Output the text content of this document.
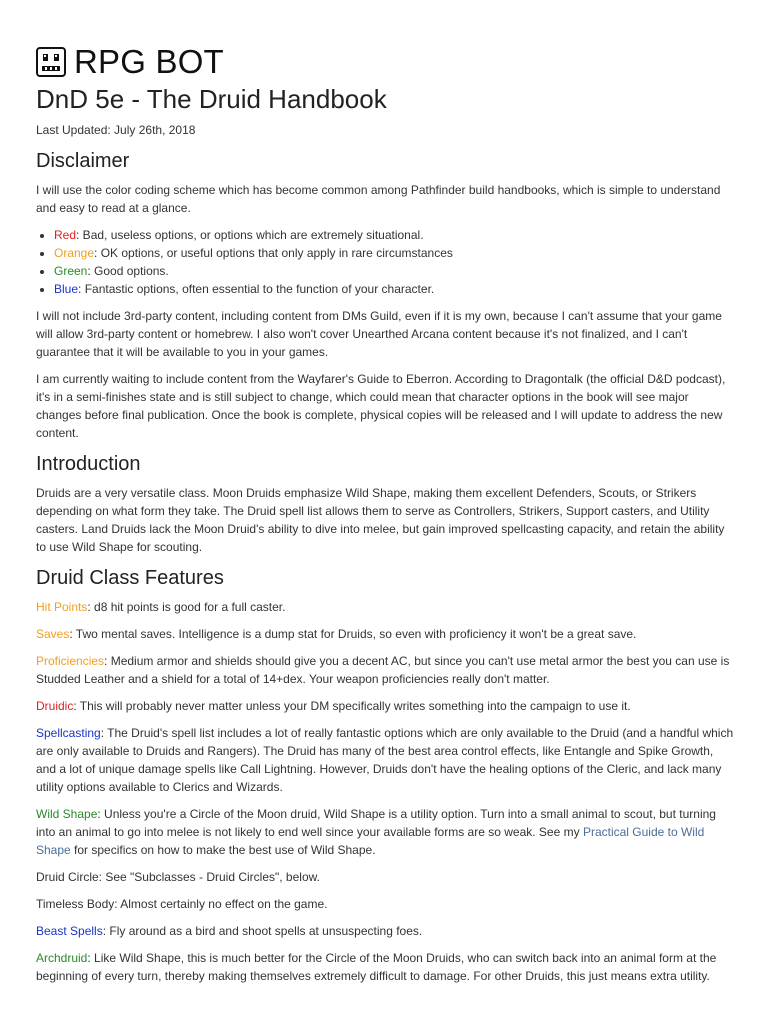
RPG BOT
DnD 5e - The Druid Handbook
Last Updated: July 26th, 2018
Disclaimer

I will use the color coding scheme which has become common among Pathfinder build handbooks, which is simple to understand and easy to read at a glance.

• Red: Bad, useless options, or options which are extremely situational.
• Orange: OK options, or useful options that only apply in rare circumstances
• Green: Good options.
• Blue: Fantastic options, often essential to the function of your character.

I will not include 3rd-party content, including content from DMs Guild, even if it is my own, because I can't assume that your game will allow 3rd-party content or homebrew. I also won't cover Unearthed Arcana content because it's not finalized, and I can't guarantee that it will be available to you in your games.

I am currently waiting to include content from the Wayfarer's Guide to Eberron. According to Dragontalk (the official D&D podcast), it's in a semi-finishes state and is still subject to change, which could mean that character options in the book will see major changes before final publication. Once the book is complete, physical copies will be released and I will update to address the new content.

Introduction

Druids are a very versatile class. Moon Druids emphasize Wild Shape, making them excellent Defenders, Scouts, or Strikers depending on what form they take. The Druid spell list allows them to serve as Controllers, Strikers, Support casters, and Utility casters. Land Druids lack the Moon Druid's ability to dive into melee, but gain improved spellcasting capacity, and retain the ability to use Wild Shape for scouting.

Druid Class Features

Hit Points: d8 hit points is good for a full caster.

Saves: Two mental saves. Intelligence is a dump stat for Druids, so even with proficiency it won't be a great save.

Proficiencies: Medium armor and shields should give you a decent AC, but since you can't use metal armor the best you can use is Studded Leather and a shield for a total of 14+dex. Your weapon proficiencies really don't matter.

Druidic: This will probably never matter unless your DM specifically writes something into the campaign to use it.

Spellcasting: The Druid's spell list includes a lot of really fantastic options which are only available to the Druid (and a handful which are only available to Druids and Rangers). The Druid has many of the best area control effects, like Entangle and Spike Growth, and a lot of unique damage spells like Call Lightning. However, Druids don't have the healing options of the Cleric, and lack many utility options available to Clerics and Wizards.

Wild Shape: Unless you're a Circle of the Moon druid, Wild Shape is a utility option. Turn into a small animal to scout, but turning into an animal to go into melee is not likely to end well since your available forms are so weak. See my Practical Guide to Wild Shape for specifics on how to make the best use of Wild Shape.

Druid Circle: See "Subclasses - Druid Circles", below.

Timeless Body: Almost certainly no effect on the game.

Beast Spells: Fly around as a bird and shoot spells at unsuspecting foes.

Archdruid: Like Wild Shape, this is much better for the Circle of the Moon Druids, who can switch back into an animal form at the beginning of every turn, thereby making themselves extremely difficult to damage. For other Druids, this just means extra utility.
